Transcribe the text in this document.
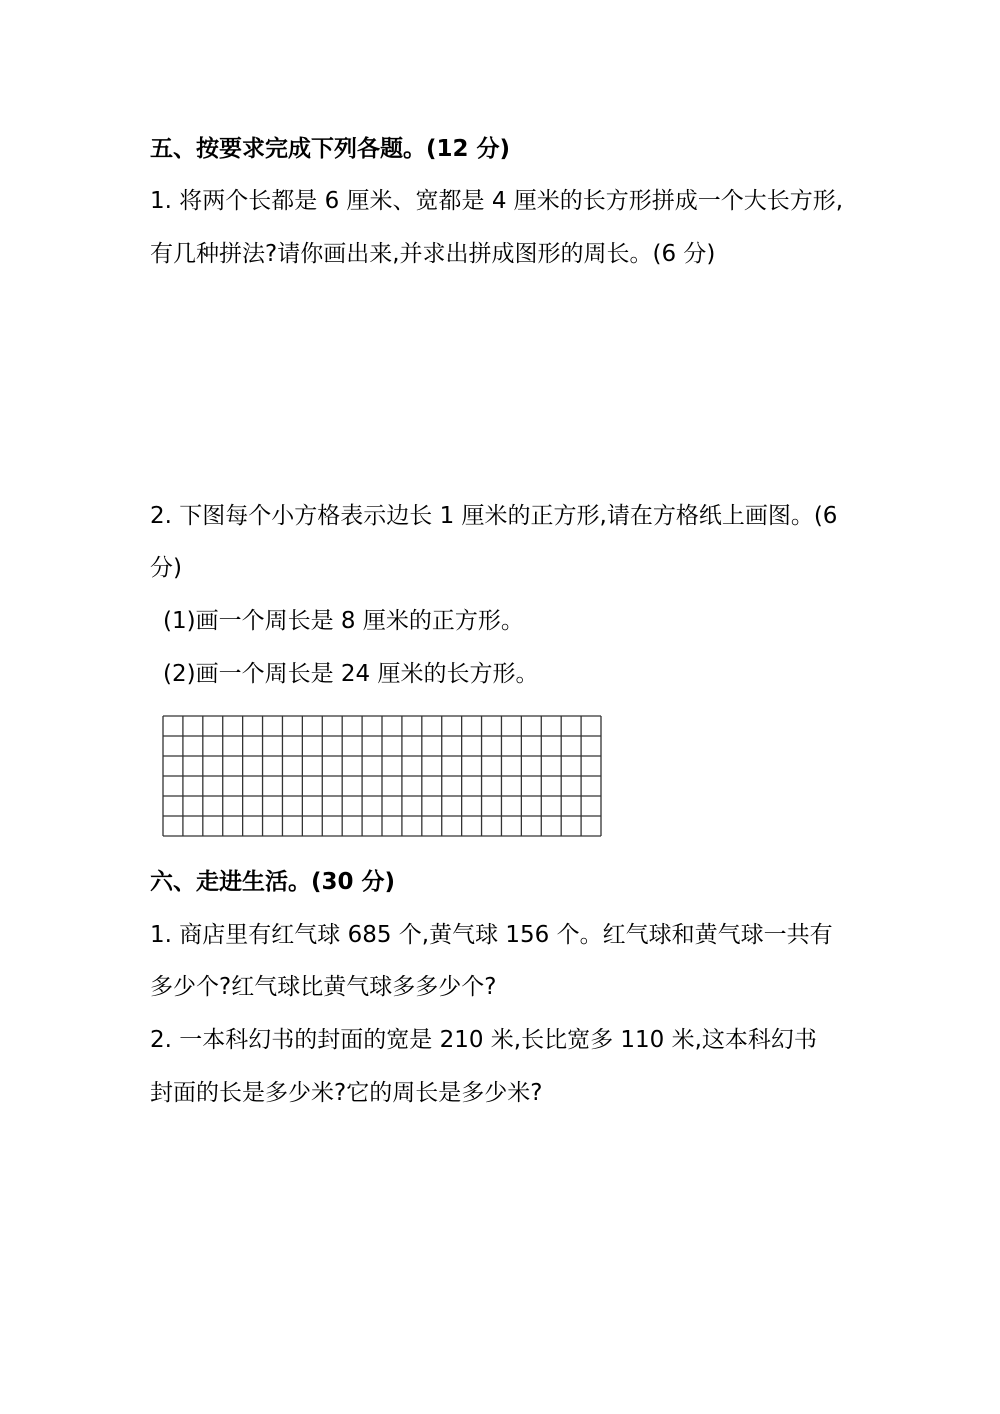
五、按要求完成下列各题。(12 分)

1. 将两个长都是 6 厘米、宽都是 4 厘米的长方形拼成一个大长方形,

有几种拼法?请你画出来,并求出拼成图形的周长。(6 分)

2. 下图每个小方格表示边长 1 厘米的正方形,请在方格纸上画图。(6

分)

(1)画一个周长是 8 厘米的正方形。

(2)画一个周长是 24 厘米的长方形。

六、走进生活。(30 分)

1. 商店里有红气球 685 个,黄气球 156 个。红气球和黄气球一共有

多少个?红气球比黄气球多多少个?

2. 一本科幻书的封面的宽是 210 米,长比宽多 110 米,这本科幻书

封面的长是多少米?它的周长是多少米?
